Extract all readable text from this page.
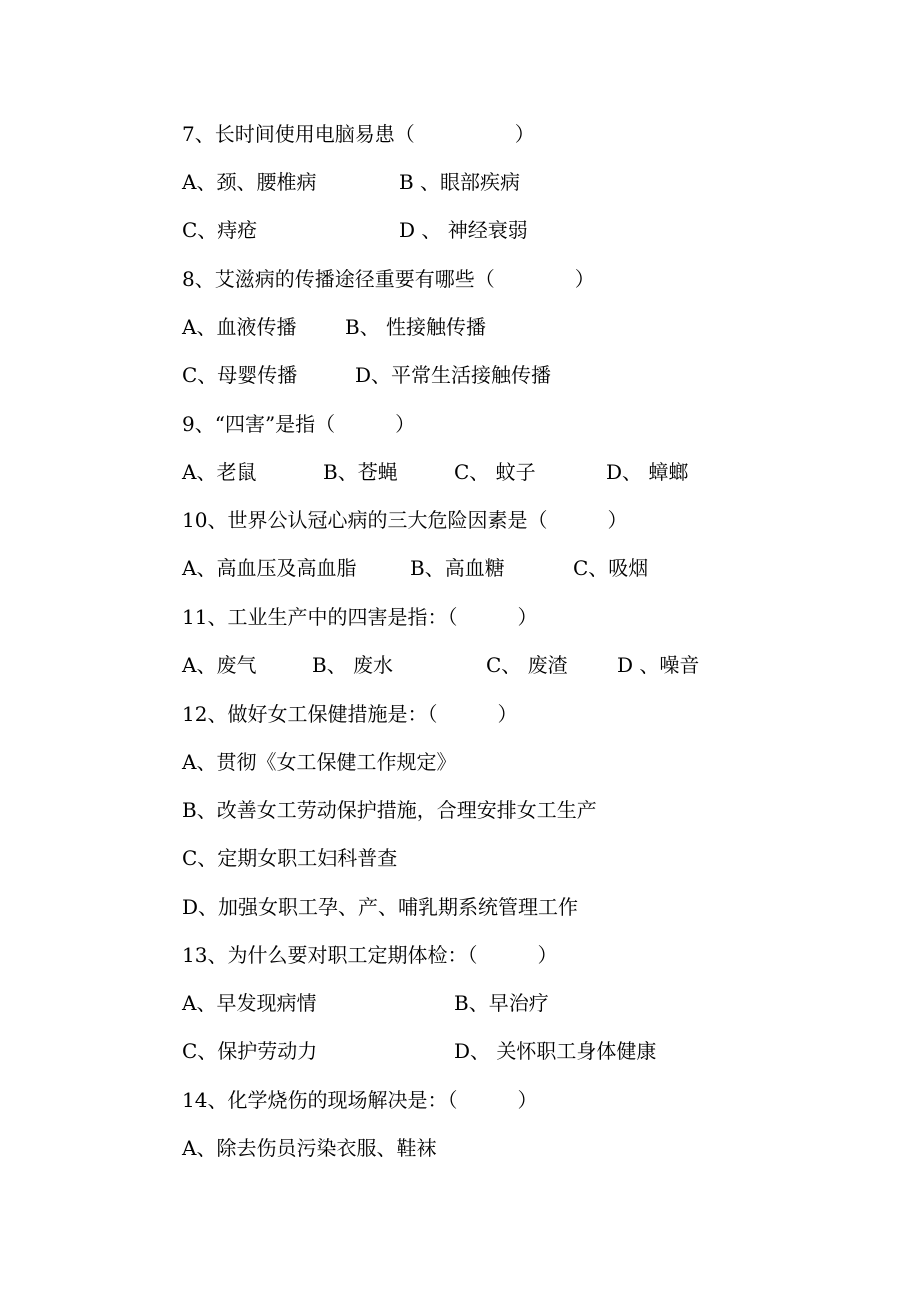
7、长时间使用电脑易患（　　　　　）

A、颈、腰椎病

	B 、眼部疾病

C、痔疮

	D 、 神经衰弱

8、艾滋病的传播途径重要有哪些（　　　　）

A、血液传播

B、 性接触传播

C、母婴传播

	D、平常生活接触传播

9、“四害”是指（　　　）

A、老鼠

	B、苍蝇

	C、 蚊子

	D、 蟑螂

10、世界公认冠心病的三大危险因素是（　　　）

A、高血压及高血脂

	B、高血糖

	C、吸烟

11、工业生产中的四害是指：（　　　）

A、废气

	B、 废水

	C、 废渣

D 、噪音

12、做好女工保健措施是：（　　　）
A、贯彻《女工保健工作规定》
B、改善女工劳动保护措施，合理安排女工生产
C、定期女职工妇科普查
D、加强女职工孕、产、哺乳期系统管理工作
13、为什么要对职工定期体检：（　　　）

A、早发现病情

	B、早治疗

C、保护劳动力

	D、 关怀职工身体健康

14、化学烧伤的现场解决是：（　　　）
A、除去伤员污染衣服、鞋袜
